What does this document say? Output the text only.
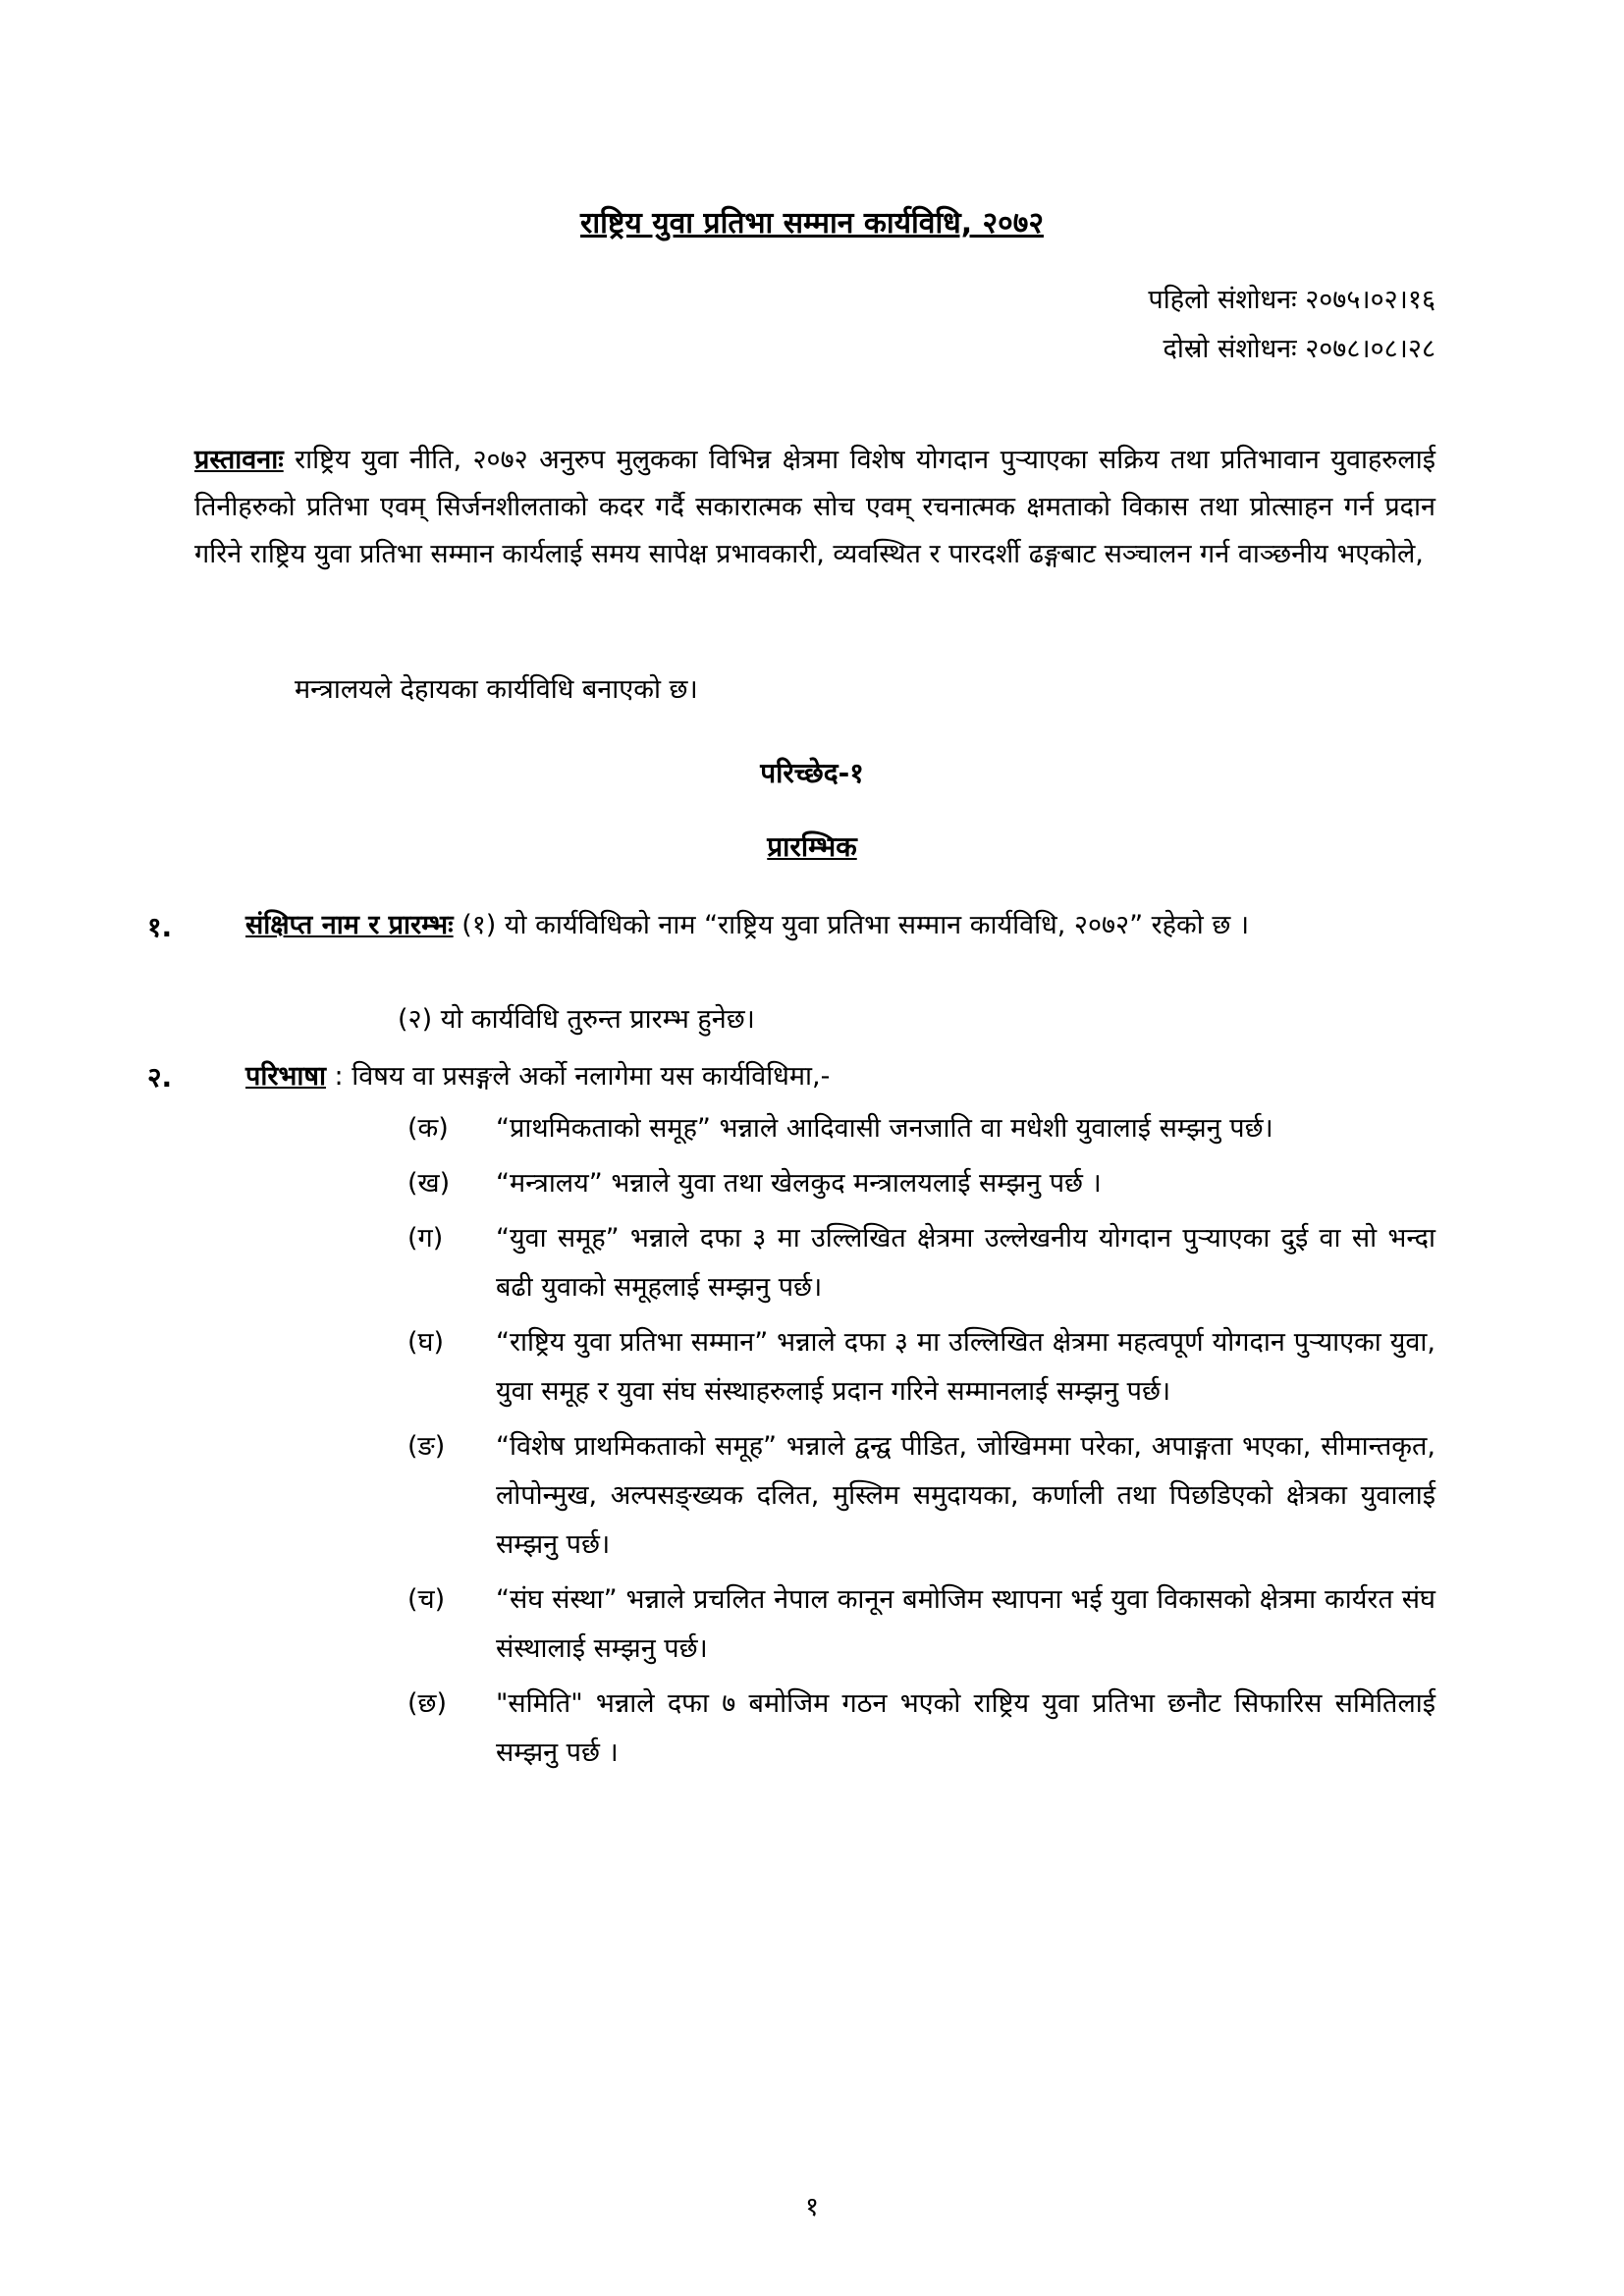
राष्ट्रिय युवा प्रतिभा सम्मान कार्यविधि, २०७२
पहिलो संशोधनः २०७५।०२।१६
दोस्रो संशोधनः २०७८।०८।२८
प्रस्तावनाः राष्ट्रिय युवा नीति, २०७२ अनुरुप मुलुकका विभिन्न क्षेत्रमा विशेष योगदान पुऱ्याएका सक्रिय तथा प्रतिभावान युवाहरुलाई तिनीहरुको प्रतिभा एवम् सिर्जनशीलताको कदर गर्दै सकारात्मक सोच एवम् रचनात्मक क्षमताको विकास तथा प्रोत्साहन गर्न प्रदान गरिने राष्ट्रिय युवा प्रतिभा सम्मान कार्यलाई समय सापेक्ष प्रभावकारी, व्यवस्थित र पारदर्शी ढङ्गबाट सञ्चालन गर्न वाञ्छनीय भएकोले,
मन्त्रालयले देहायका कार्यविधि बनाएको छ।
परिच्छेद-१
प्रारम्भिक
१.	संक्षिप्त नाम र प्रारम्भः (१) यो कार्यविधिको नाम “राष्ट्रिय युवा प्रतिभा सम्मान कार्यविधि, २०७२” रहेको छ ।
(२) यो कार्यविधि तुरुन्त प्रारम्भ हुनेछ।
२.	परिभाषा : विषय वा प्रसङ्गले अर्को नलागेमा यस कार्यविधिमा,-
(क)	“प्राथमिकताको समूह” भन्नाले आदिवासी जनजाति वा मधेशी युवालाई सम्झनु पर्छ।
(ख)	“मन्त्रालय” भन्नाले युवा तथा खेलकुद मन्त्रालयलाई सम्झनु पर्छ ।
(ग)	“युवा समूह” भन्नाले दफा ३ मा उल्लिखित क्षेत्रमा उल्लेखनीय योगदान पुऱ्याएका दुई वा सो भन्दा बढी युवाको समूहलाई सम्झनु पर्छ।
(घ)	“राष्ट्रिय युवा प्रतिभा सम्मान” भन्नाले दफा ३ मा उल्लिखित क्षेत्रमा महत्वपूर्ण योगदान पुऱ्याएका युवा, युवा समूह र युवा संघ संस्थाहरुलाई प्रदान गरिने सम्मानलाई सम्झनु पर्छ।
(ङ)	“विशेष प्राथमिकताको समूह” भन्नाले द्वन्द्व पीडित, जोखिममा परेका, अपाङ्गता भएका, सीमान्तकृत, लोपोन्मुख, अल्पसङ्ख्यक दलित, मुस्लिम समुदायका, कर्णाली तथा पिछडिएको क्षेत्रका युवालाई सम्झनु पर्छ।
(च)	“संघ संस्था” भन्नाले प्रचलित नेपाल कानून बमोजिम स्थापना भई युवा विकासको क्षेत्रमा कार्यरत संघ संस्थालाई सम्झनु पर्छ।
(छ)	"समिति" भन्नाले दफा ७ बमोजिम गठन भएको राष्ट्रिय युवा प्रतिभा छनौट सिफारिस समितिलाई सम्झनु पर्छ ।
१
